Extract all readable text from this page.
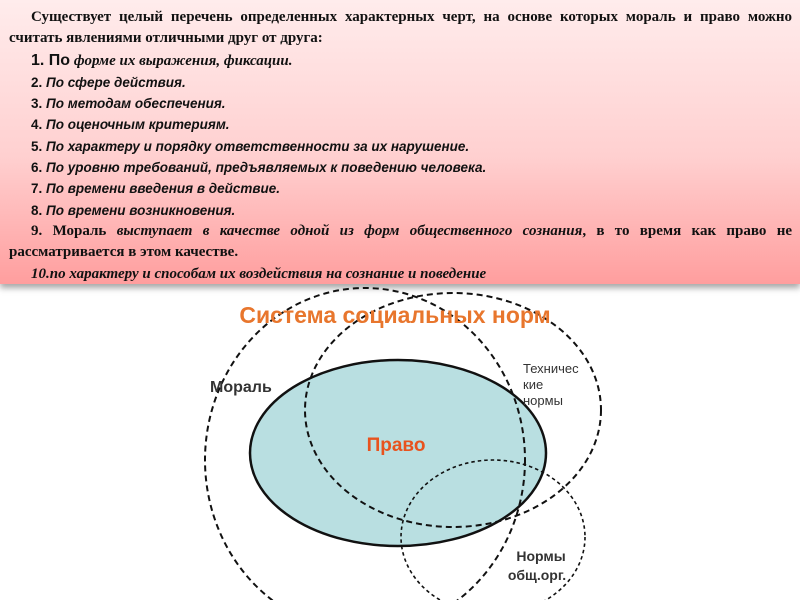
Существует целый перечень определенных характерных черт, на основе которых мораль и право можно считать явлениями отличными друг от друга:

1. По форме их выражения, фиксации.

2. По сфере действия.

3. По методам обеспечения.

4. По оценочным критериям.

5. По характеру и порядку ответственности за их нарушение.

6. По уровню требований, предъявляемых к поведению человека.

7. По времени введения в действие.

8. По времени возникновения.

9. Мораль выступает в качестве одной из форм общественного сознания, в то время как право не рассматривается в этом качестве.

10.по характеру и способам их воздействия на сознание и поведение

Система социальных норм
Мораль
Право
Техничес
кие
нормы
Нормы
общ.орг.
